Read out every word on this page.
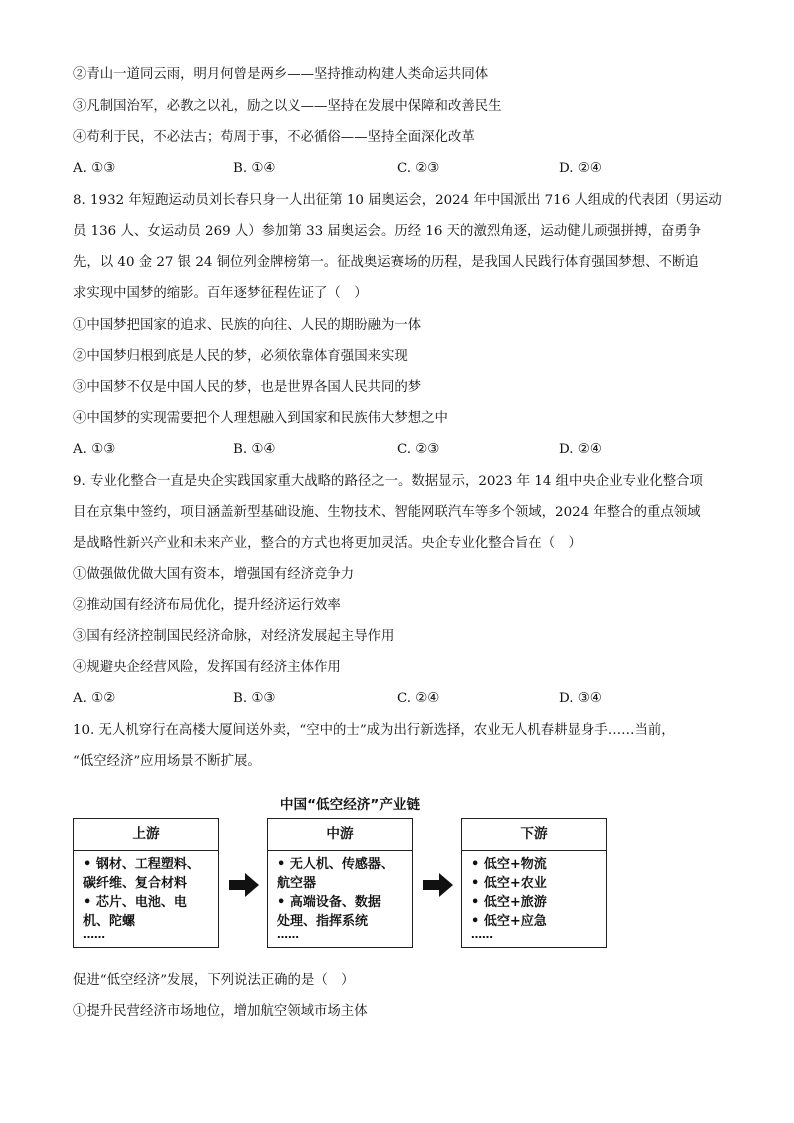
②青山一道同云雨，明月何曾是两乡——坚持推动构建人类命运共同体
③凡制国治军，必教之以礼，励之以义——坚持在发展中保障和改善民生
④苟利于民，不必法古；苟周于事，不必循俗——坚持全面深化改革
A. ①③	B. ①④	C. ②③	D. ②④
8. 1932 年短跑运动员刘长春只身一人出征第 10 届奥运会，2024 年中国派出 716 人组成的代表团（男运动
员 136 人、女运动员 269 人）参加第 33 届奥运会。历经 16 天的激烈角逐，运动健儿顽强拼搏，奋勇争
先，以 40 金 27 银 24 铜位列金牌榜第一。征战奥运赛场的历程，是我国人民践行体育强国梦想、不断追
求实现中国梦的缩影。百年逐梦征程佐证了（　）
①中国梦把国家的追求、民族的向往、人民的期盼融为一体
②中国梦归根到底是人民的梦，必须依靠体育强国来实现
③中国梦不仅是中国人民的梦，也是世界各国人民共同的梦
④中国梦的实现需要把个人理想融入到国家和民族伟大梦想之中
A. ①③	B. ①④	C. ②③	D. ②④
9. 专业化整合一直是央企实践国家重大战略的路径之一。数据显示，2023 年 14 组中央企业专业化整合项
目在京集中签约，项目涵盖新型基础设施、生物技术、智能网联汽车等多个领域，2024 年整合的重点领域
是战略性新兴产业和未来产业，整合的方式也将更加灵活。央企专业化整合旨在（　）
①做强做优做大国有资本，增强国有经济竞争力
②推动国有经济布局优化，提升经济运行效率
③国有经济控制国民经济命脉，对经济发展起主导作用
④规避央企经营风险，发挥国有经济主体作用
A. ①②	B. ①③	C. ②④	D. ③④
10. 无人机穿行在高楼大厦间送外卖，“空中的士”成为出行新选择，农业无人机春耕显身手……当前，
“低空经济”应用场景不断扩展。
中国“低空经济”产业链
上游
• 钢材、工程塑料、
碳纤维、复合材料
• 芯片、电池、电
机、陀螺
……
中游
• 无人机、传感器、
航空器
• 高端设备、数据
处理、指挥系统
……
下游
• 低空+物流
• 低空+农业
• 低空+旅游
• 低空+应急
……
促进“低空经济”发展，下列说法正确的是（　）
①提升民营经济市场地位，增加航空领域市场主体
